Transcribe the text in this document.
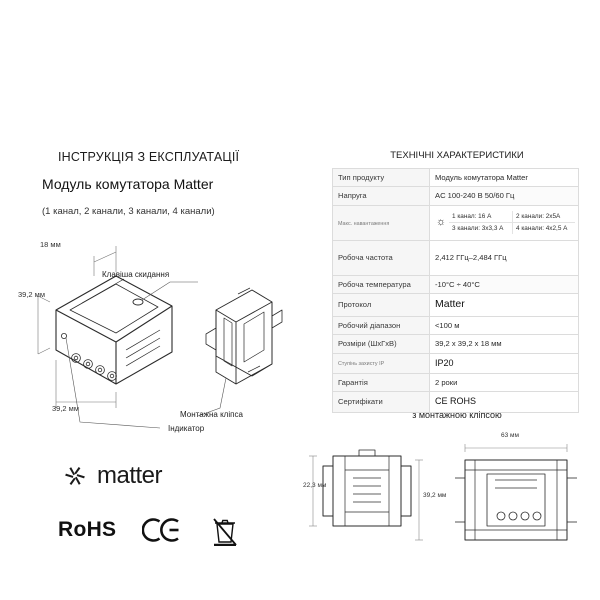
ІНСТРУКЦІЯ З ЕКСПЛУАТАЦІЇ
Модуль комутатора Matter
(1 канал, 2 канали, 3 канали, 4 канали)
18 мм
39,2 мм
39,2 мм
Клавіша скидання
Монтажна кліпса
Індикатор
matter
RoHS
ТЕХНІЧНІ ХАРАКТЕРИСТИКИ
Тип продукту	Модуль комутатора Matter
Напруга	AC 100-240 В 50/60 Гц
Макс. навантаження	☼ 1 канал: 16 А 2 канали: 2х5А
3 канали: 3х3,3 А 4 канали: 4х2,5 А

Робоча частота	2,412 ГГц–2,484 ГГц
Робоча температура	-10°C ÷ 40°C
Протокол	Matter
Робочий діапазон	<100 м
Розміри (ШхГхВ)	39,2 x 39,2 x 18 мм
Ступінь захисту IP	IP20
Гарантія	2 роки
Сертифікати	CE ROHS
з монтажною кліпсою
63 мм
39,2 мм
22,3 мм
